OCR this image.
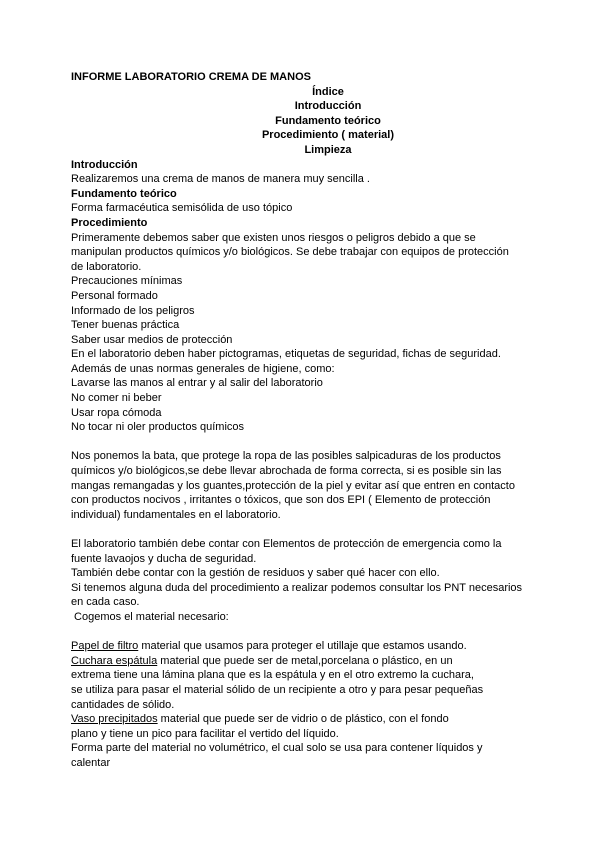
INFORME LABORATORIO CREMA DE MANOS
Índice
Introducción
Fundamento teórico
Procedimiento ( material)
Limpieza
Introducción
Realizaremos una crema de manos de manera muy sencilla .
Fundamento teórico
Forma farmacéutica semisólida de uso tópico
Procedimiento
Primeramente debemos saber que existen unos riesgos o peligros debido a que se
manipulan productos químicos y/o biológicos. Se debe trabajar con equipos de protección
de laboratorio.
Precauciones mínimas
Personal formado
Informado de los peligros
Tener buenas práctica
Saber usar medios de protección
En el laboratorio deben haber pictogramas, etiquetas de seguridad, fichas de seguridad.
Además de unas normas generales de higiene, como:
Lavarse las manos al entrar y al salir del laboratorio
No comer ni beber
Usar ropa cómoda
No tocar ni oler productos químicos
Nos ponemos la bata, que protege la ropa de las posibles salpicaduras de los productos
químicos y/o biológicos,se debe llevar abrochada de forma correcta, si es posible sin las
mangas remangadas y los guantes,protección de la piel y evitar así que entren en contacto
con productos nocivos , irritantes o tóxicos, que son dos EPI ( Elemento de protección
individual) fundamentales en el laboratorio.
El laboratorio también debe contar con Elementos de protección de emergencia como la
fuente lavaojos y ducha de seguridad.
También debe contar con la gestión de residuos y saber qué hacer con ello.
Si tenemos alguna duda del procedimiento a realizar podemos consultar los PNT necesarios
en cada caso.
Cogemos el material necesario:
Papel de filtro material que usamos para proteger el utillaje que estamos usando.
Cuchara espátula material que puede ser de metal,porcelana o plástico, en un
extrema tiene una lámina plana que es la espátula y en el otro extremo la cuchara,
se utiliza para pasar el material sólido de un recipiente a otro y para pesar pequeñas
cantidades de sólido.
Vaso precipitados material que puede ser de vidrio o de plástico, con el fondo
plano y tiene un pico para facilitar el vertido del líquido.
Forma parte del material no volumétrico, el cual solo se usa para contener líquidos y
calentar
